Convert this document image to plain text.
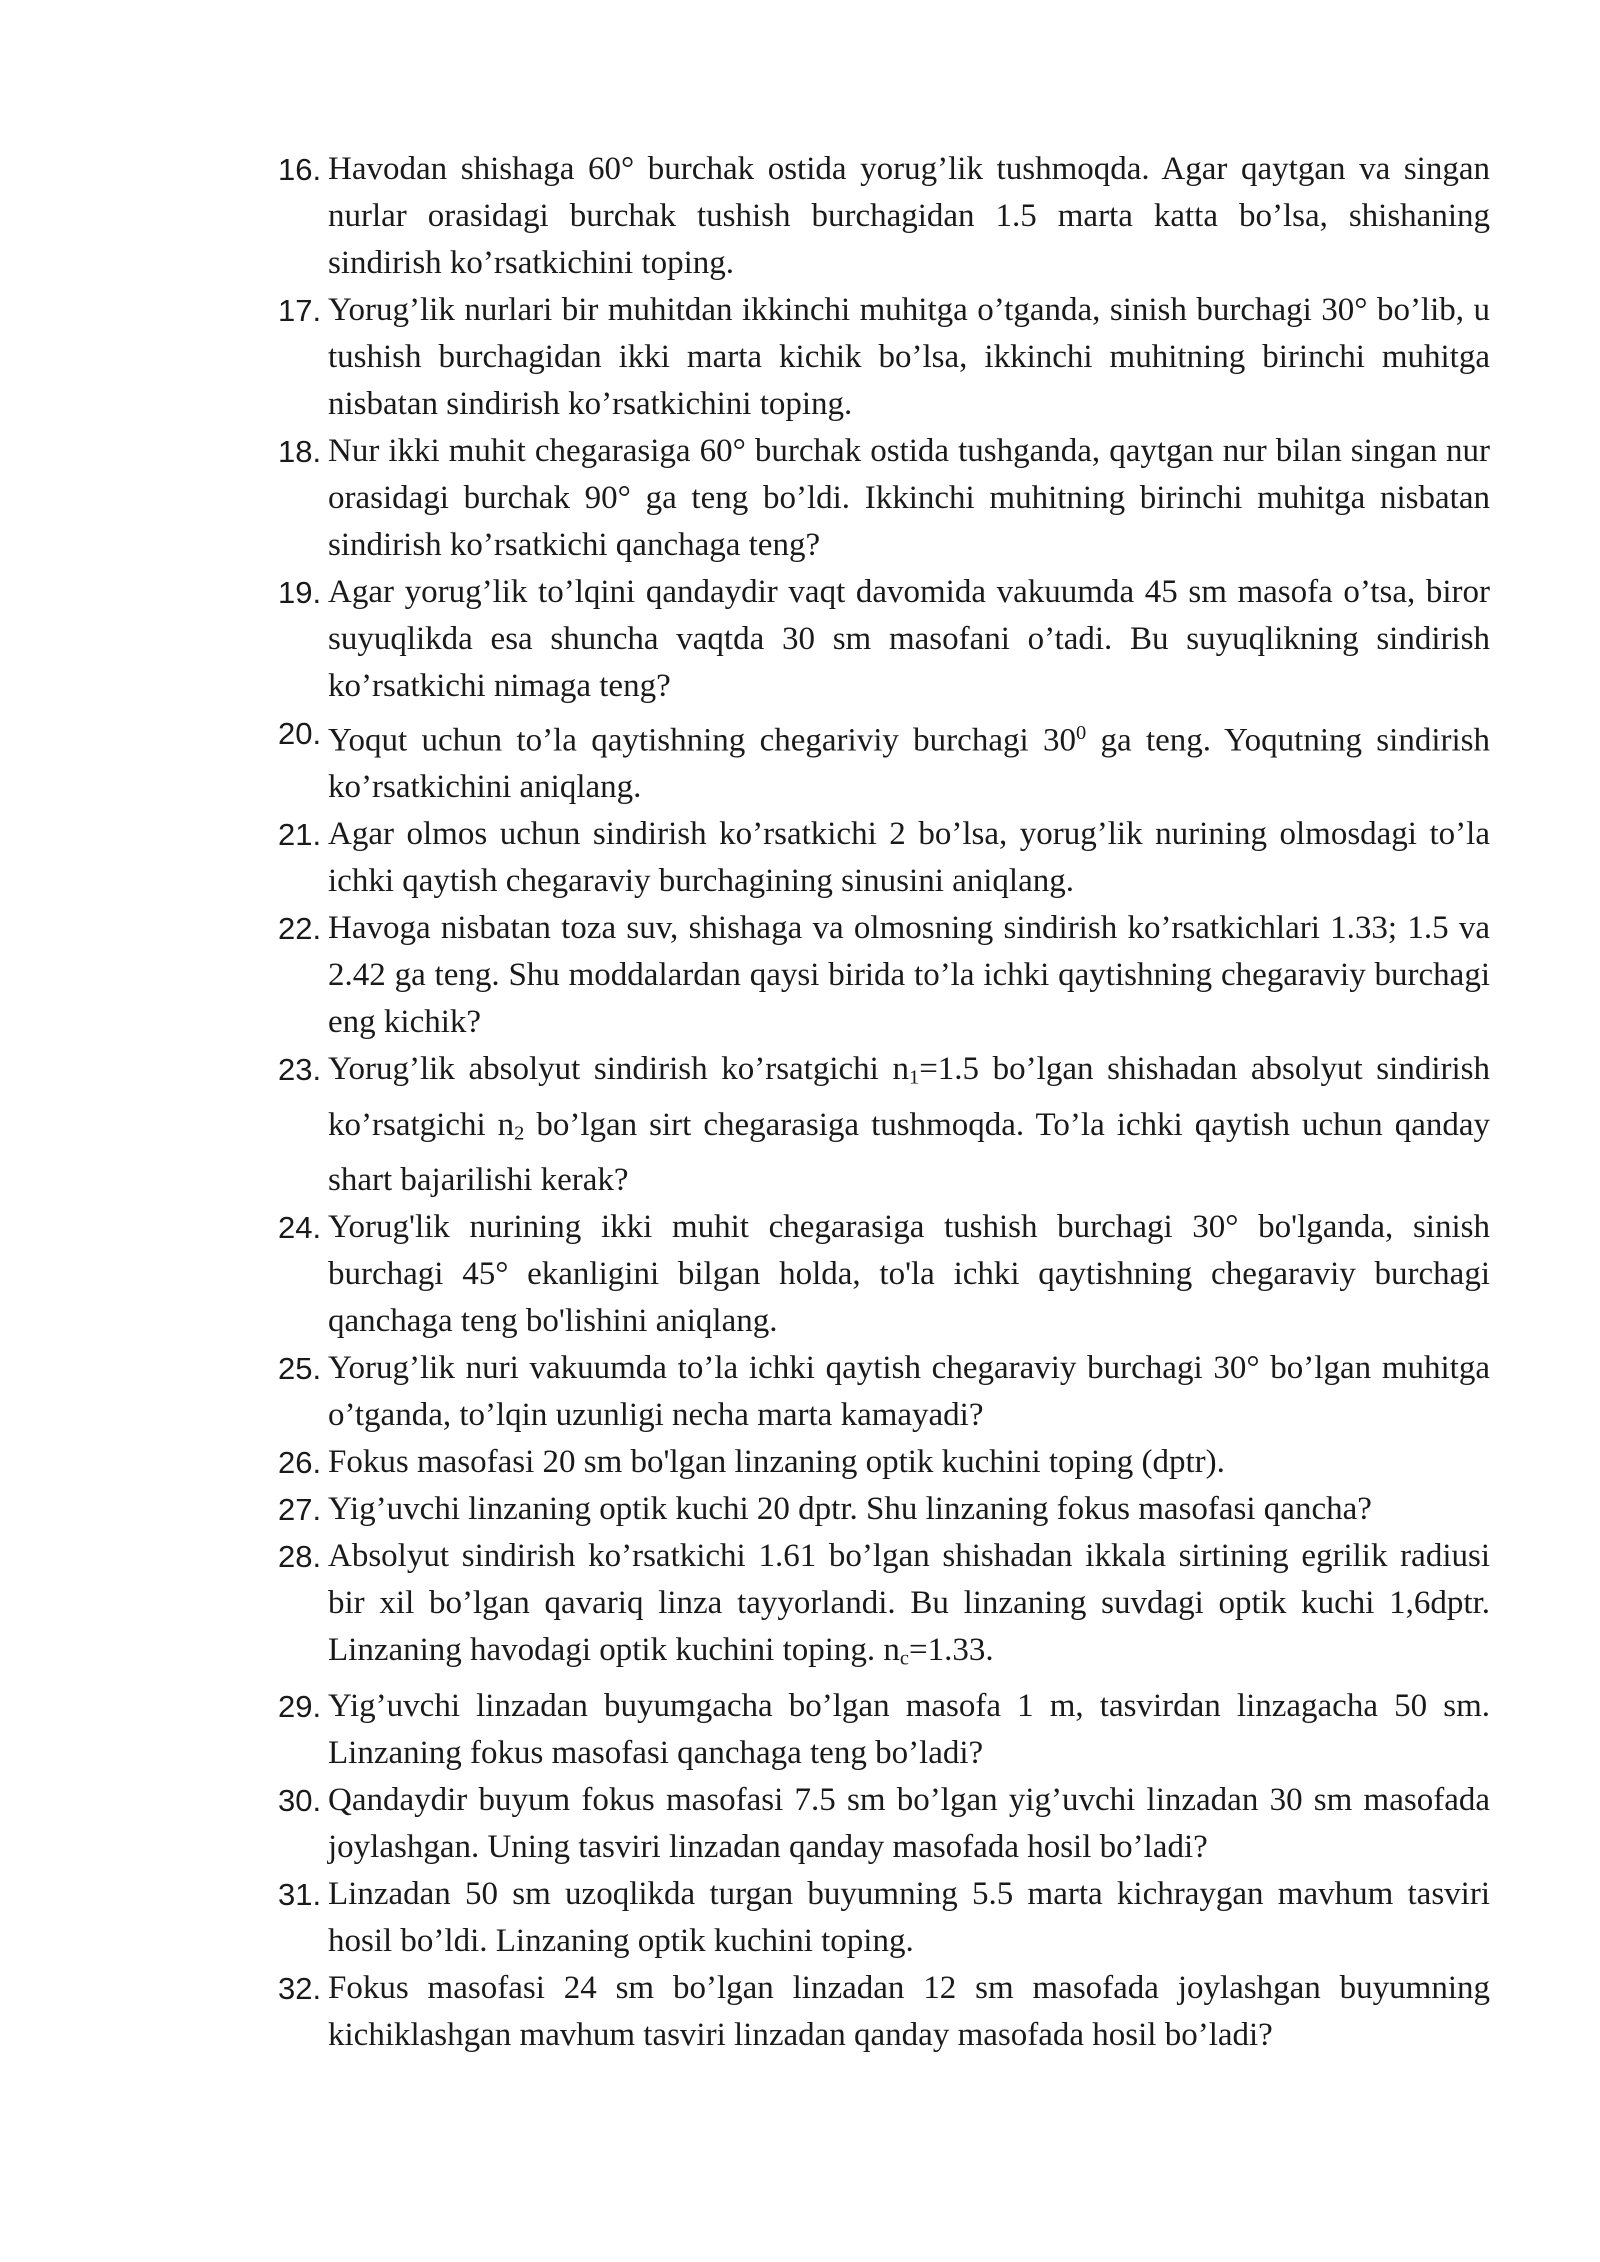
16. Havodan shishaga 60° burchak ostida yorug’lik tushmoqda. Agar qaytgan va singan nurlar orasidagi burchak tushish burchagidan 1.5 marta katta bo’lsa, shishaning sindirish ko’rsatkichini toping.
17. Yorug’lik nurlari bir muhitdan ikkinchi muhitga o’tganda, sinish burchagi 30° bo’lib, u tushish burchagidan ikki marta kichik bo’lsa, ikkinchi muhitning birinchi muhitga nisbatan sindirish ko’rsatkichini toping.
18. Nur ikki muhit chegarasiga 60° burchak ostida tushganda, qaytgan nur bilan singan nur orasidagi burchak 90° ga teng bo’ldi. Ikkinchi muhitning birinchi muhitga nisbatan sindirish ko’rsatkichi qanchaga teng?
19. Agar yorug’lik to’lqini qandaydir vaqt davomida vakuumda 45 sm masofa o’tsa, biror suyuqlikda esa shuncha vaqtda 30 sm masofani o’tadi. Bu suyuqlikning sindirish ko’rsatkichi nimaga teng?
20. Yoqut uchun to’la qaytishning chegariviy burchagi $30^0$ ga teng. Yoqutning sindirish ko’rsatkichini aniqlang.
21. Agar olmos uchun sindirish ko’rsatkichi 2 bo’lsa, yorug’lik nurining olmosdagi to’la ichki qaytish chegaraviy burchagining sinusini aniqlang.
22. Havoga nisbatan toza suv, shishaga va olmosning sindirish ko’rsatkichlari 1.33; 1.5 va 2.42 ga teng. Shu moddalardan qaysi birida to’la ichki qaytishning chegaraviy burchagi eng kichik?
23. Yorug’lik absolyut sindirish ko’rsatgichi $n_1=1.5$ bo’lgan shishadan absolyut sindirish ko’rsatgichi $n_2$ bo’lgan sirt chegarasiga tushmoqda. To’la ichki qaytish uchun qanday shart bajarilishi kerak?
24. Yorug'lik nurining ikki muhit chegarasiga tushish burchagi 30° bo'lganda, sinish burchagi 45° ekanligini bilgan holda, to'la ichki qaytishning chegaraviy burchagi qanchaga teng bo'lishini aniqlang.
25. Yorug’lik nuri vakuumda to’la ichki qaytish chegaraviy burchagi 30° bo’lgan muhitga o’tganda, to’lqin uzunligi necha marta kamayadi?
26. Fokus masofasi 20 sm bo'lgan linzaning optik kuchini toping (dptr).
27. Yig’uvchi linzaning optik kuchi 20 dptr. Shu linzaning fokus masofasi qancha?
28. Absolyut sindirish ko’rsatkichi 1.61 bo’lgan shishadan ikkala sirtining egrilik radiusi bir xil bo’lgan qavariq linza tayyorlandi. Bu linzaning suvdagi optik kuchi 1,6dptr. Linzaning havodagi optik kuchini toping. $n_c=1.33$.
29. Yig’uvchi linzadan buyumgacha bo’lgan masofa 1 m, tasvirdan linzagacha 50 sm. Linzaning fokus masofasi qanchaga teng bo’ladi?
30. Qandaydir buyum fokus masofasi 7.5 sm bo’lgan yig’uvchi linzadan 30 sm masofada joylashgan. Uning tasviri linzadan qanday masofada hosil bo’ladi?
31. Linzadan 50 sm uzoqlikda turgan buyumning 5.5 marta kichraygan mavhum tasviri hosil bo’ldi. Linzaning optik kuchini toping.
32. Fokus masofasi 24 sm bo’lgan linzadan 12 sm masofada joylashgan buyumning kichiklashgan mavhum tasviri linzadan qanday masofada hosil bo’ladi?
